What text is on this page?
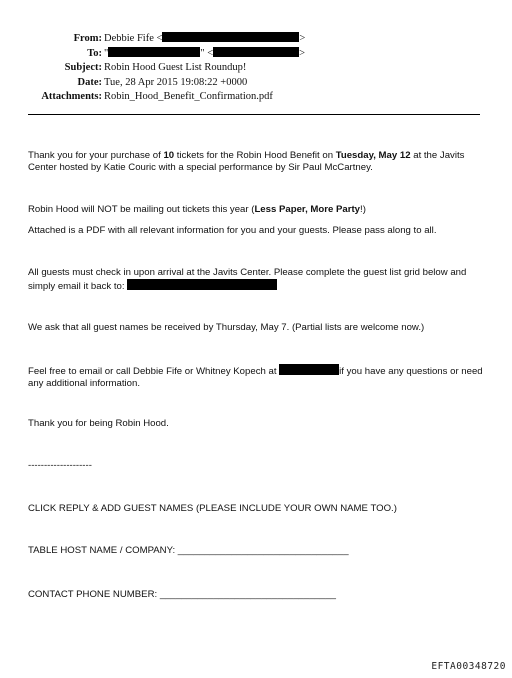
From: Debbie Fife <	>
To: "	" <	>
Subject: Robin Hood Guest List Roundup!
Date: Tue, 28 Apr 2015 19:08:22 +0000
Attachments: Robin_Hood_Benefit_Confirmation.pdf

Thank you for your purchase of 10 tickets for the Robin Hood Benefit on Tuesday, May 12 at the Javits Center hosted by Katie Couric with a special performance by Sir Paul McCartney.

Robin Hood will NOT be mailing out tickets this year (Less Paper, More Party!)

Attached is a PDF with all relevant information for you and your guests. Please pass along to all.

All guests must check in upon arrival at the Javits Center. Please complete the guest list grid below and simply email it back to:

We ask that all guest names be received by Thursday, May 7. (Partial lists are welcome now.)

Feel free to email or call Debbie Fife or Whitney Kopech at	if you have any questions or need any additional information.

Thank you for being Robin Hood.

--------------------

CLICK REPLY & ADD GUEST NAMES (PLEASE INCLUDE YOUR OWN NAME TOO.)

TABLE HOST NAME / COMPANY: ________________________________

CONTACT PHONE NUMBER: _________________________________

EFTA00348720
